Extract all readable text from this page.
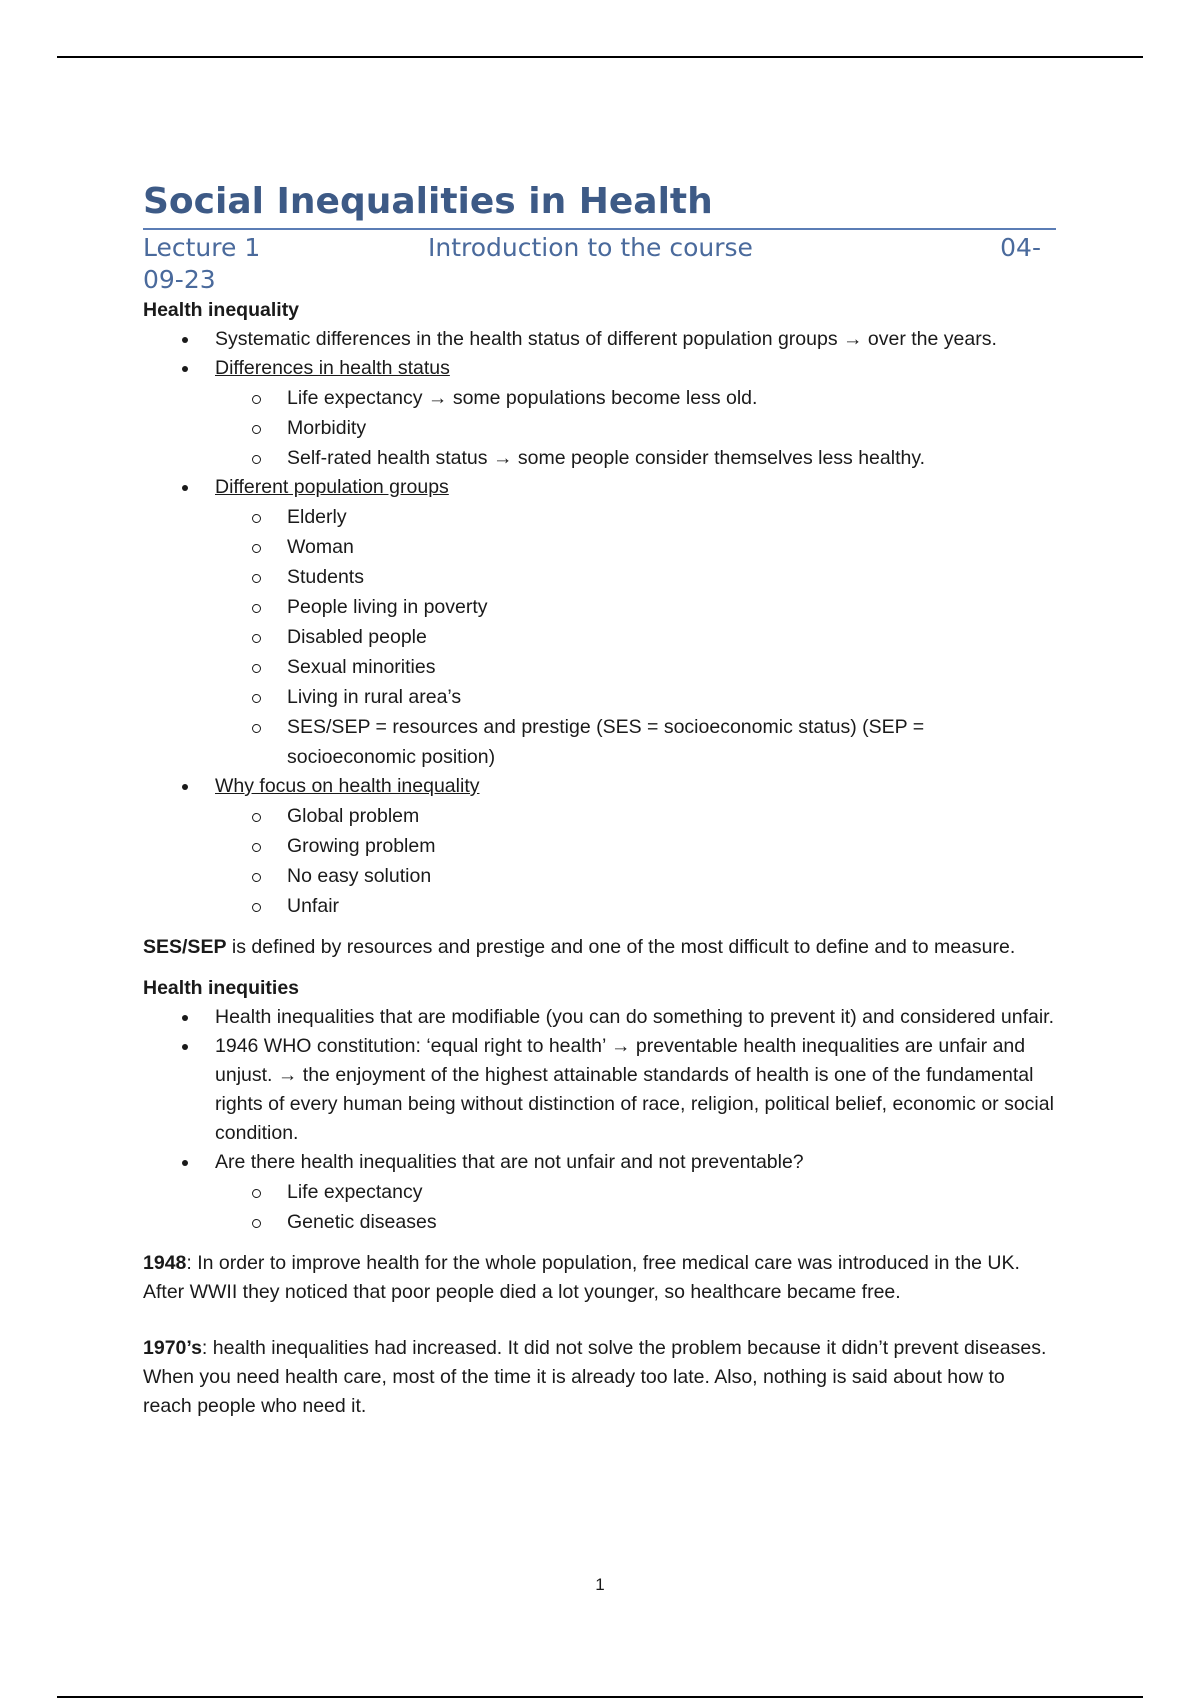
Social Inequalities in Health
Lecture 1	Introduction to the course	04-
09-23

Health inequality

Systematic differences in the health status of different population groups → over the years.
Differences in health status
Life expectancy → some populations become less old.
Morbidity
Self-rated health status → some people consider themselves less healthy.
Different population groups
Elderly
Woman
Students
People living in poverty
Disabled people
Sexual minorities
Living in rural area’s
SES/SEP = resources and prestige (SES = socioeconomic status) (SEP = socioeconomic position)
Why focus on health inequality
Global problem
Growing problem
No easy solution
Unfair

SES/SEP is defined by resources and prestige and one of the most difficult to define and to measure.

Health inequities

Health inequalities that are modifiable (you can do something to prevent it) and considered unfair.
1946 WHO constitution: ‘equal right to health’ → preventable health inequalities are unfair and unjust. → the enjoyment of the highest attainable standards of health is one of the fundamental rights of every human being without distinction of race, religion, political belief, economic or social condition.
Are there health inequalities that are not unfair and not preventable?
Life expectancy
Genetic diseases

1948: In order to improve health for the whole population, free medical care was introduced in the UK. After WWII they noticed that poor people died a lot younger, so healthcare became free.

1970’s: health inequalities had increased. It did not solve the problem because it didn’t prevent diseases. When you need health care, most of the time it is already too late. Also, nothing is said about how to reach people who need it.

1
